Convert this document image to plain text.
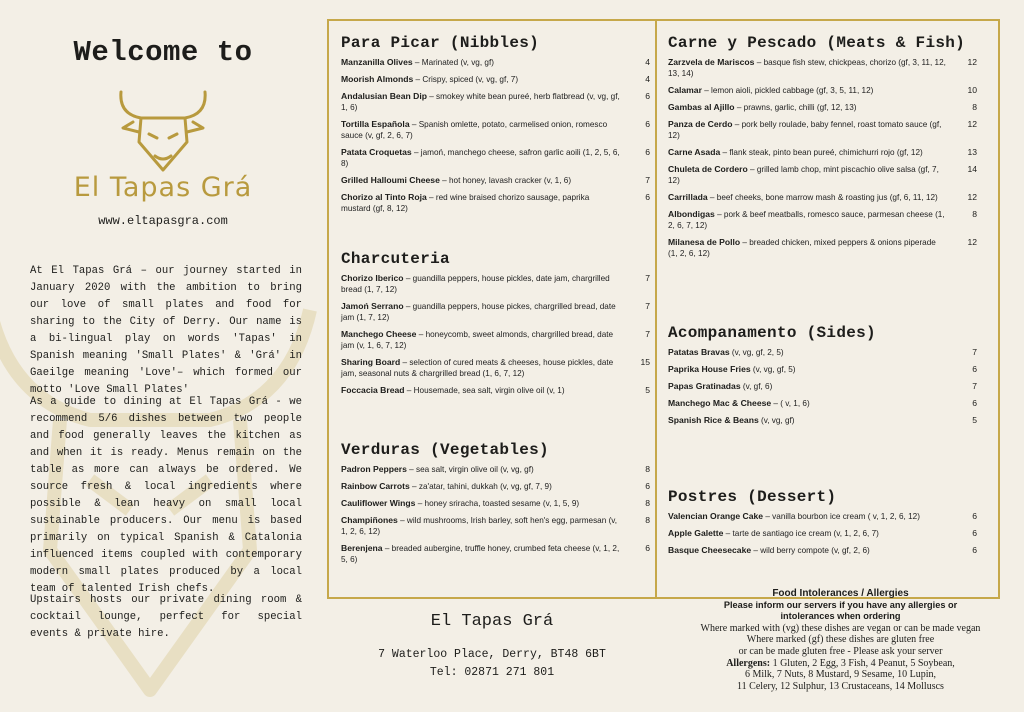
Welcome to
El Tapas Grá
www.eltapasgra.com

At El Tapas Grá – our journey started in January 2020 with the ambition to bring our love of small plates and food for sharing to the City of Derry. Our name is a bi-lingual play on words 'Tapas' in Spanish meaning 'Small Plates' & 'Grá' in Gaeilge meaning 'Love'– which formed our motto 'Love Small Plates'

As a guide to dining at El Tapas Grá - we recommend 5/6 dishes between two people and food generally leaves the kitchen as and when it is ready. Menus remain on the table as more can always be ordered. We source fresh & local ingredients where possible & lean heavy on small local sustainable producers. Our menu is based primarily on typical Spanish & Catalonia influenced items coupled with contemporary modern small plates produced by a local team of talented Irish chefs.

Upstairs hosts our private dining room & cocktail lounge, perfect for special events & private hire.

Para Picar (Nibbles)
Manzanilla Olives – Marinated (v, vg, gf)	4
Moorish Almonds – Crispy, spiced (v, vg, gf, 7)	4
Andalusian Bean Dip – smokey white bean pureé, herb flatbread (v, vg, gf, 1, 6)
6
Tortilla Española – Spanish omlette, potato, carmelised onion, romesco sauce (v, gf, 2, 6, 7)
6
Patata Croquetas – jamoń, manchego cheese, safron garlic aoili (1, 2, 5, 6, 8)
6
Grilled Halloumi Cheese – hot honey, lavash cracker (v, 1, 6)	7
Chorizo al Tinto Roja – red wine braised chorizo sausage, paprika mustard (gf, 8, 12)
6
Charcuteria
Chorizo Iberico – guandilla peppers, house pickles, date jam, chargrilled bread (1, 7, 12)
7
Jamoń Serrano – guandilla peppers, house pickes, chargrilled bread, date jam (1, 7, 12)
7
Manchego Cheese – honeycomb, sweet almonds, chargrilled bread, date jam (v, 1, 6, 7, 12)
7
Sharing Board – selection of cured meats & cheeses, house pickles, date jam, seasonal nuts & chargrilled bread (1, 6, 7, 12)
15
Foccacia Bread – Housemade, sea salt, virgin olive oil (v, 1)	5
Verduras (Vegetables)
Padron Peppers – sea salt, virgin olive oil (v, vg, gf)	8
Rainbow Carrots – za'atar, tahini, dukkah (v, vg, gf, 7, 9)	6
Cauliflower Wings – honey sriracha, toasted sesame (v, 1, 5, 9)	8
Champiñones – wild mushrooms, Irish barley, soft hen's egg, parmesan (v, 1, 2, 6, 12)
8
Berenjena – breaded aubergine, truffle honey, crumbed feta cheese (v, 1, 2, 5, 6)
6
Carne y Pescado (Meats & Fish)
Zarzvela de Mariscos – basque fish stew, chickpeas, chorizo (gf, 3, 11, 12, 13, 14)
12
Calamar – lemon aioli, pickled cabbage (gf, 3, 5, 11, 12)	10
Gambas al Ajillo – prawns, garlic, chilli (gf, 12, 13)	8
Panza de Cerdo – pork belly roulade, baby fennel, roast tomato sauce (gf, 12)
12
Carne Asada – flank steak, pinto bean pureé, chimichurri rojo (gf, 12)	13
Chuleta de Cordero – grilled lamb chop, mint piscachio olive salsa (gf, 7, 12)
14
Carrillada – beef cheeks, bone marrow mash & roasting jus (gf, 6, 11, 12)	12
Albondigas – pork & beef meatballs, romesco sauce, parmesan cheese (1, 2, 6, 7, 12)
8
Milanesa de Pollo – breaded chicken, mixed peppers & onions piperade (1, 2, 6, 12)
12
Acompanamento (Sides)
Patatas Bravas (v, vg, gf, 2, 5)	7
Paprika House Fries (v, vg, gf, 5)	6
Papas Gratinadas (v, gf, 6)	7
Manchego Mac & Cheese – ( v, 1, 6)	6
Spanish Rice & Beans (v, vg, gf)	5
Postres (Dessert)
Valencian Orange Cake – vanilla bourbon ice cream ( v, 1, 2, 6, 12)	6
Apple Galette – tarte de santiago ice cream (v, 1, 2, 6, 7)	6
Basque Cheesecake – wild berry compote (v, gf, 2, 6)	6
El Tapas Grá
7 Waterloo Place, Derry, BT48 6BT
Tel: 02871 271 801
Food Intolerances / Allergies
Please inform our servers if you have any allergies or
intolerances when ordering
Where marked with (vg) these dishes are vegan or can be made vegan
Where marked (gf) these dishes are gluten free
or can be made gluten free - Please ask your server
Allergens: 1 Gluten, 2 Egg, 3 Fish, 4 Peanut, 5 Soybean,
6 Milk, 7 Nuts, 8 Mustard, 9 Sesame, 10 Lupin,
11 Celery, 12 Sulphur, 13 Crustaceans, 14 Molluscs
